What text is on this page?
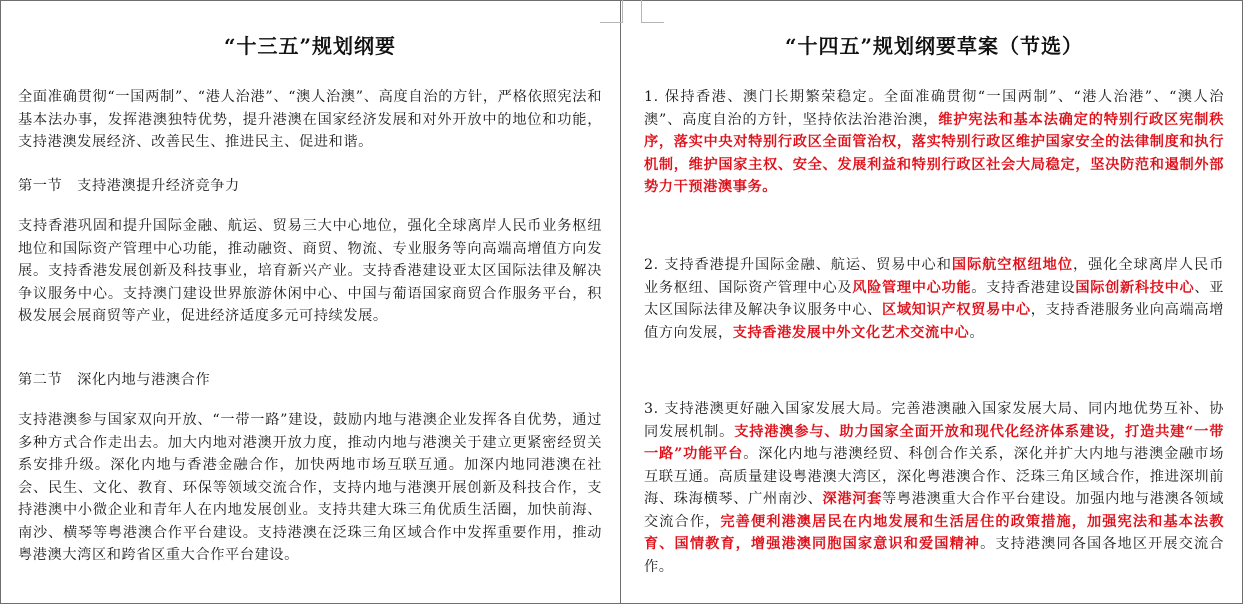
“十三五”规划纲要

全面准确贯彻“一国两制”、“港人治港”、“澳人治澳”、高度自治的方针，严格依照宪法和基本法办事，发挥港澳独特优势，提升港澳在国家经济发展和对外开放中的地位和功能，支持港澳发展经济、改善民生、推进民主、促进和谐。

第一节　支持港澳提升经济竞争力

支持香港巩固和提升国际金融、航运、贸易三大中心地位，强化全球离岸人民币业务枢纽地位和国际资产管理中心功能，推动融资、商贸、物流、专业服务等向高端高增值方向发展。支持香港发展创新及科技事业，培育新兴产业。支持香港建设亚太区国际法律及解决争议服务中心。支持澳门建设世界旅游休闲中心、中国与葡语国家商贸合作服务平台，积极发展会展商贸等产业，促进经济适度多元可持续发展。

第二节　深化内地与港澳合作

支持港澳参与国家双向开放、“一带一路”建设，鼓励内地与港澳企业发挥各自优势，通过多种方式合作走出去。加大内地对港澳开放力度，推动内地与港澳关于建立更紧密经贸关系安排升级。深化内地与香港金融合作，加快两地市场互联互通。加深内地同港澳在社会、民生、文化、教育、环保等领域交流合作，支持内地与港澳开展创新及科技合作，支持港澳中小微企业和青年人在内地发展创业。支持共建大珠三角优质生活圈，加快前海、南沙、横琴等粤港澳合作平台建设。支持港澳在泛珠三角区域合作中发挥重要作用，推动粤港澳大湾区和跨省区重大合作平台建设。

“十四五”规划纲要草案（节选）

1. 保持香港、澳门长期繁荣稳定。全面准确贯彻“一国两制”、“港人治港”、“澳人治澳”、高度自治的方针，坚持依法治港治澳，维护宪法和基本法确定的特别行政区宪制秩序，落实中央对特别行政区全面管治权，落实特别行政区维护国家安全的法律制度和执行机制，维护国家主权、安全、发展利益和特别行政区社会大局稳定，坚决防范和遏制外部势力干预港澳事务。

2. 支持香港提升国际金融、航运、贸易中心和国际航空枢纽地位，强化全球离岸人民币业务枢纽、国际资产管理中心及风险管理中心功能。支持香港建设国际创新科技中心、亚太区国际法律及解决争议服务中心、区域知识产权贸易中心，支持香港服务业向高端高增值方向发展，支持香港发展中外文化艺术交流中心。

3. 支持港澳更好融入国家发展大局。完善港澳融入国家发展大局、同内地优势互补、协同发展机制。支持港澳参与、助力国家全面开放和现代化经济体系建设，打造共建“一带一路”功能平台。深化内地与港澳经贸、科创合作关系，深化并扩大内地与港澳金融市场互联互通。高质量建设粤港澳大湾区，深化粤港澳合作、泛珠三角区域合作，推进深圳前海、珠海横琴、广州南沙、深港河套等粤港澳重大合作平台建设。加强内地与港澳各领域交流合作，完善便利港澳居民在内地发展和生活居住的政策措施，加强宪法和基本法教育、国情教育，增强港澳同胞国家意识和爱国精神。支持港澳同各国各地区开展交流合作。
